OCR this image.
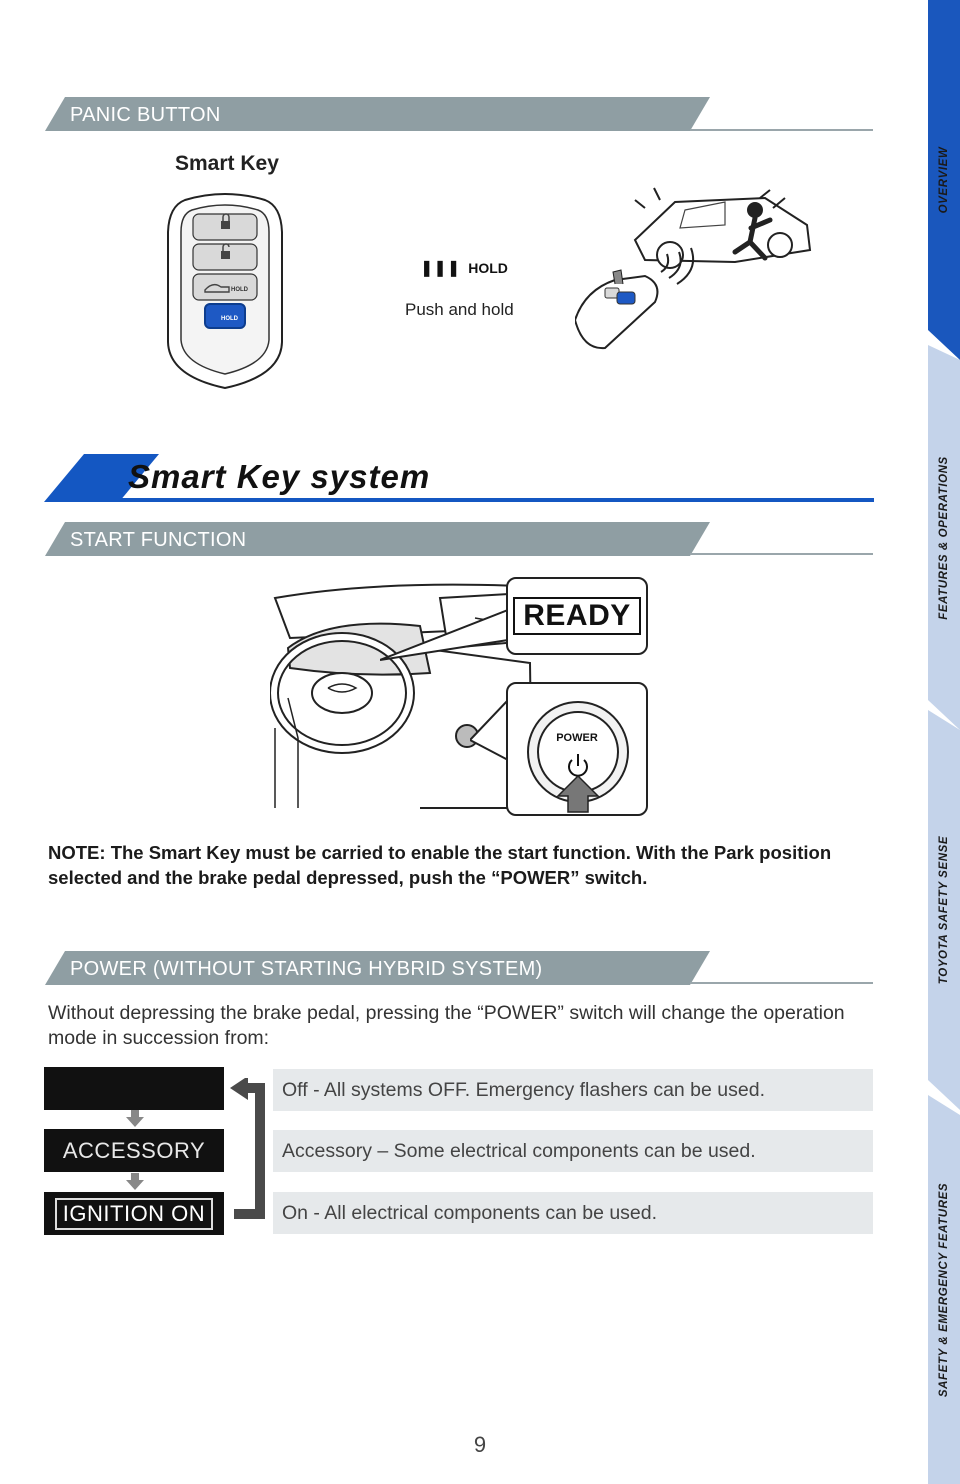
OVERVIEW
FEATURES & OPERATIONS
TOYOTA SAFETY SENSE
SAFETY & EMERGENCY FEATURES
PANIC BUTTON
Smart Key
HOLD
HOLD
❚❚❚ HOLD
Push and hold
Smart Key system
START FUNCTION
READY
POWER
NOTE: The Smart Key must be carried to enable the start function. With the Park position selected and the brake pedal depressed, push the “POWER” switch.
POWER (WITHOUT STARTING HYBRID SYSTEM)
Without depressing the brake pedal, pressing the “POWER” switch will change the operation mode in succession from:
ACCESSORY
IGNITION ON
Off - All systems OFF. Emergency flashers can be used.
Accessory – Some electrical components can be used.
On - All electrical components can be used.
9
